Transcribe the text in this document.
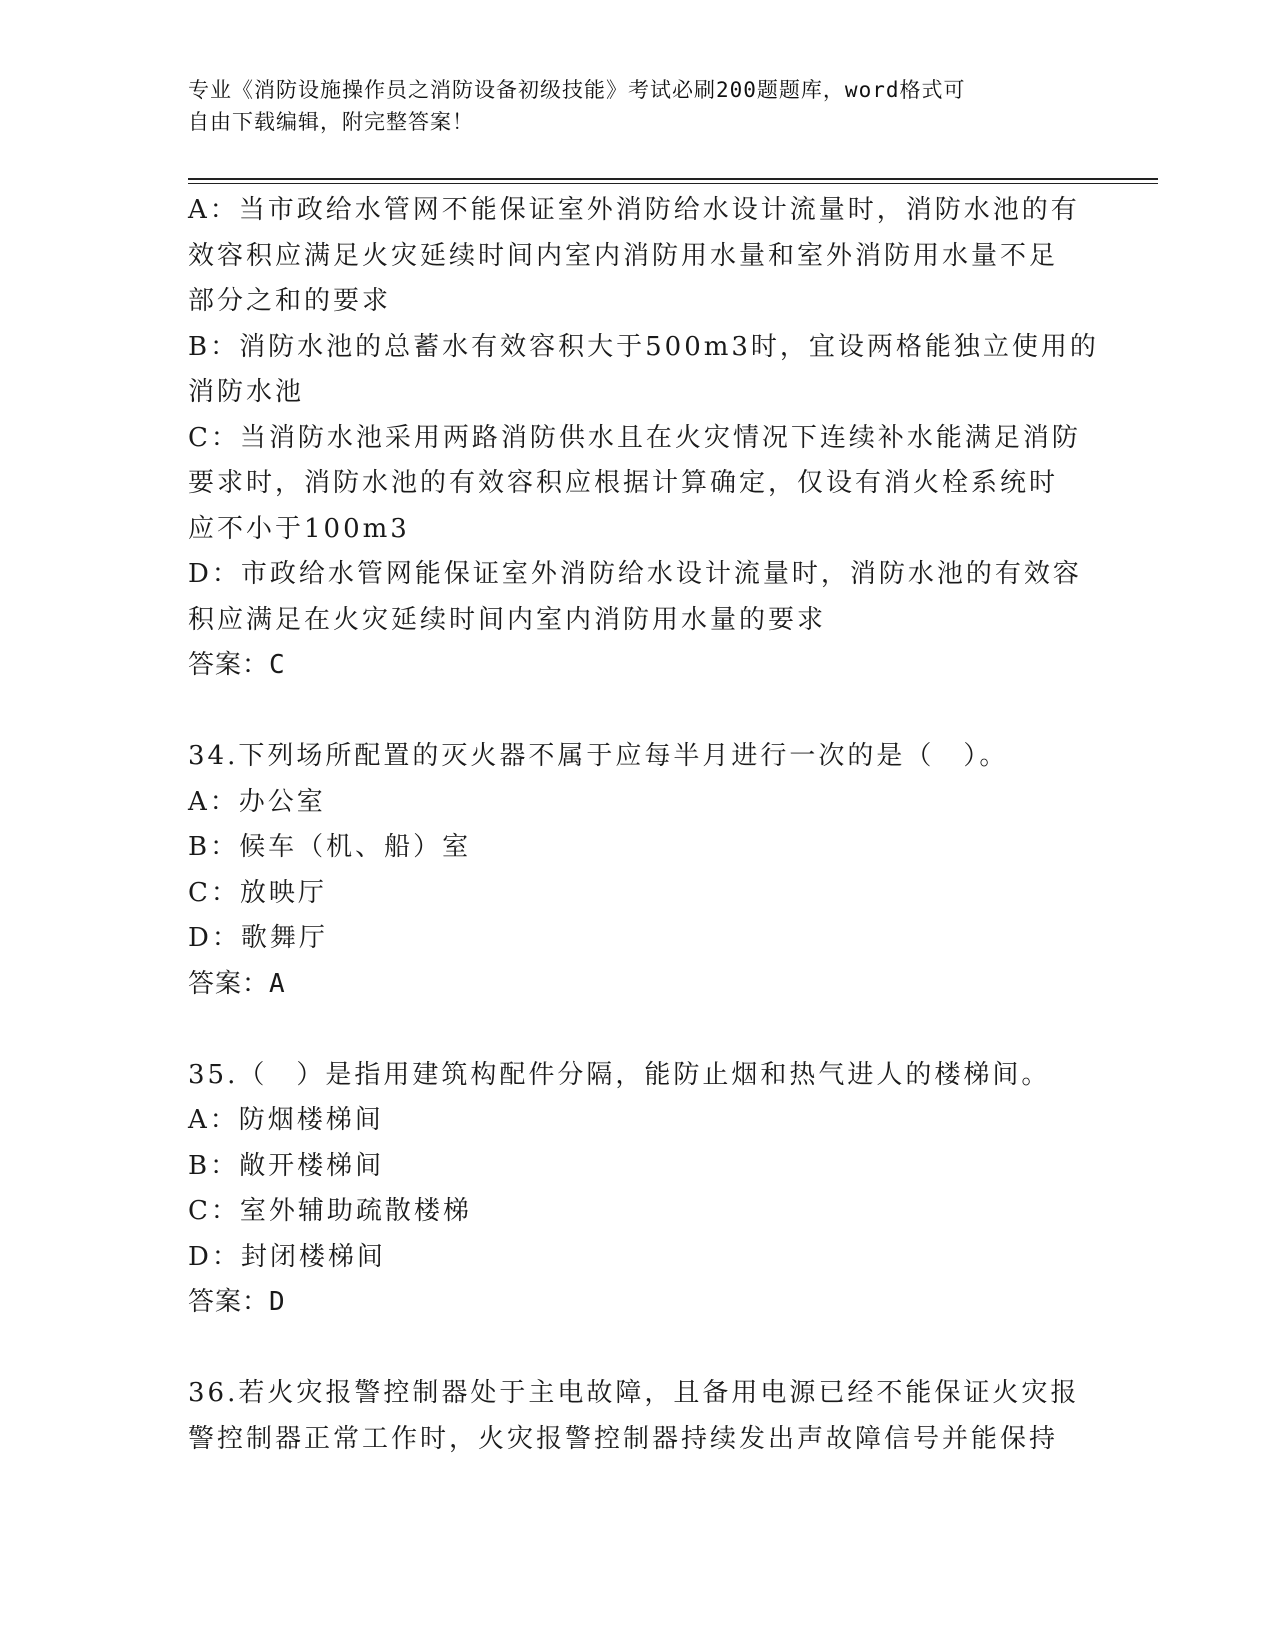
专业《消防设施操作员之消防设备初级技能》考试必刷200题题库，word格式可
自由下载编辑，附完整答案！
A：当市政给水管网不能保证室外消防给水设计流量时，消防水池的有
效容积应满足火灾延续时间内室内消防用水量和室外消防用水量不足
部分之和的要求
B：消防水池的总蓄水有效容积大于500m3时，宜设两格能独立使用的
消防水池
C：当消防水池采用两路消防供水且在火灾情况下连续补水能满足消防
要求时，消防水池的有效容积应根据计算确定，仅设有消火栓系统时
应不小于100m3
D：市政给水管网能保证室外消防给水设计流量时，消防水池的有效容
积应满足在火灾延续时间内室内消防用水量的要求
答案：C
34.下列场所配置的灭火器不属于应每半月进行一次的是（　）。
A：办公室
B：候车（机、船）室
C：放映厅
D：歌舞厅
答案：A
35.（　）是指用建筑构配件分隔，能防止烟和热气进人的楼梯间。
A：防烟楼梯间
B：敞开楼梯间
C：室外辅助疏散楼梯
D：封闭楼梯间
答案：D
36.若火灾报警控制器处于主电故障，且备用电源已经不能保证火灾报
警控制器正常工作时，火灾报警控制器持续发出声故障信号并能保持
